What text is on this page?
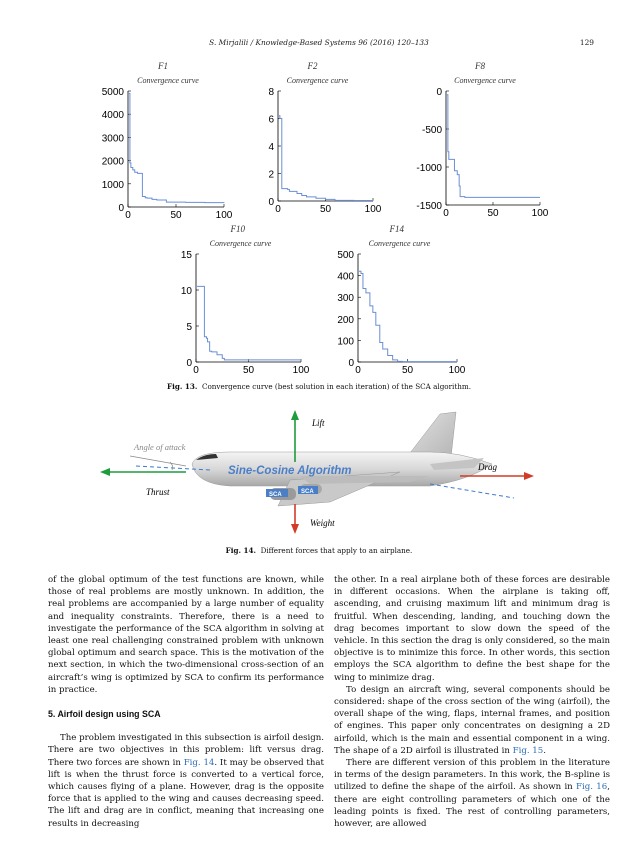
S. Mirjalili / Knowledge-Based Systems 96 (2016) 120–133	129
F1
Convergence curve
0
1000
2000
3000
4000
5000
0	50	100
F2
Convergence curve
0
2
4
6
8
0	50	100
F8
Convergence curve
-1500
-1000
-500
0
0	50	100
F10
Convergence curve
0
5
10
15
0	50	100
F14
Convergence curve
0
100
200
300
400
500
0	50	100
Fig. 13. Convergence curve (best solution in each iteration) of the SCA algorithm.
Sine-Cosine Algorithm
SCA	SCA
Angle of attack
Lift
Weight
Thrust
Drag
Fig. 14. Different forces that apply to an airplane.

of the global optimum of the test functions are known, while those of real problems are mostly unknown. In addition, the real problems are accompanied by a large number of equality and inequality constraints. Therefore, there is a need to investigate the performance of the SCA algorithm in solving at least one real challenging constrained problem with unknown global optimum and search space. This is the motivation of the next section, in which the two-dimensional cross-section of an aircraft’s wing is optimized by SCA to confirm its performance in practice.

5. Airfoil design using SCA

The problem investigated in this subsection is airfoil design. There are two objectives in this problem: lift versus drag. There two forces are shown in Fig. 14. It may be observed that lift is when the thrust force is converted to a vertical force, which causes flying of a plane. However, drag is the opposite force that is applied to the wing and causes decreasing speed. The lift and drag are in conflict, meaning that increasing one results in decreasing

the other. In a real airplane both of these forces are desirable in different occasions. When the airplane is taking off, ascending, and cruising maximum lift and minimum drag is fruitful. When descending, landing, and touching down the drag becomes important to slow down the speed of the vehicle. In this section the drag is only considered, so the main objective is to minimize this force. In other words, this section employs the SCA algorithm to define the best shape for the wing to minimize drag.

To design an aircraft wing, several components should be considered: shape of the cross section of the wing (airfoil), the overall shape of the wing, flaps, internal frames, and position of engines. This paper only concentrates on designing a 2D airfoild, which is the main and essential component in a wing. The shape of a 2D airfoil is illustrated in Fig. 15.

There are different version of this problem in the literature in terms of the design parameters. In this work, the B-spline is utilized to define the shape of the airfoil. As shown in Fig. 16, there are eight controlling parameters of which one of the leading points is fixed. The rest of controlling parameters, however, are allowed
